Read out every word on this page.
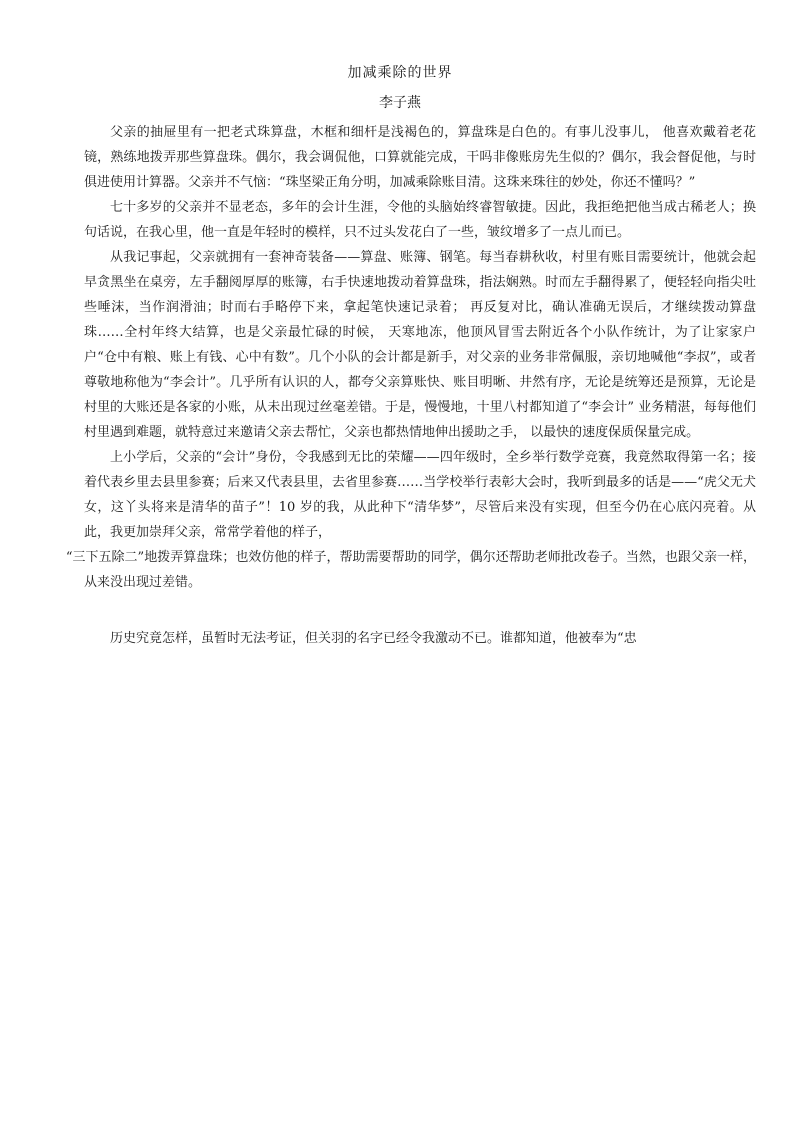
加减乘除的世界
李子燕

父亲的抽屉里有一把老式珠算盘，木框和细杆是浅褐色的，算盘珠是白色的。有事儿没事儿， 他喜欢戴着老花镜，熟练地拨弄那些算盘珠。偶尔，我会调侃他，口算就能完成，干吗非像账房先生似的？偶尔，我会督促他，与时俱进使用计算器。父亲并不气恼：“珠坚梁正角分明，加减乘除账目清。这珠来珠往的妙处，你还不懂吗？”

七十多岁的父亲并不显老态，多年的会计生涯，令他的头脑始终睿智敏捷。因此，我拒绝把他当成古稀老人；换句话说，在我心里，他一直是年轻时的模样，只不过头发花白了一些，皱纹增多了一点儿而已。

从我记事起，父亲就拥有一套神奇装备——算盘、账簿、钢笔。每当春耕秋收，村里有账目需要统计，他就会起早贪黑坐在桌旁，左手翻阅厚厚的账簿，右手快速地拨动着算盘珠，指法娴熟。时而左手翻得累了，便轻轻向指尖吐些唾沫，当作润滑油；时而右手略停下来，拿起笔快速记录着； 再反复对比，确认准确无误后，才继续拨动算盘珠……全村年终大结算，也是父亲最忙碌的时候， 天寒地冻，他顶风冒雪去附近各个小队作统计，为了让家家户户“仓中有粮、账上有钱、心中有数”。几个小队的会计都是新手，对父亲的业务非常佩服，亲切地喊他“李叔”，或者尊敬地称他为“李会计”。几乎所有认识的人，都夸父亲算账快、账目明晰、井然有序，无论是统筹还是预算，无论是村里的大账还是各家的小账，从未出现过丝毫差错。于是，慢慢地，十里八村都知道了“李会计” 业务精湛，每每他们村里遇到难题，就特意过来邀请父亲去帮忙，父亲也都热情地伸出援助之手， 以最快的速度保质保量完成。

上小学后，父亲的“会计”身份，令我感到无比的荣耀——四年级时，全乡举行数学竞赛，我竟然取得第一名；接着代表乡里去县里参赛；后来又代表县里，去省里参赛……当学校举行表彰大会时，我听到最多的话是——“虎父无犬女，这丫头将来是清华的苗子”！10 岁的我，从此种下“清华梦”，尽管后来没有实现，但至今仍在心底闪亮着。从此，我更加崇拜父亲，常常学着他的样子，

“三下五除二”地拨弄算盘珠；也效仿他的样子，帮助需要帮助的同学，偶尔还帮助老师批改卷子。当然，也跟父亲一样，从来没出现过差错。

历史究竟怎样，虽暂时无法考证，但关羽的名字已经令我激动不已。谁都知道，他被奉为“忠
